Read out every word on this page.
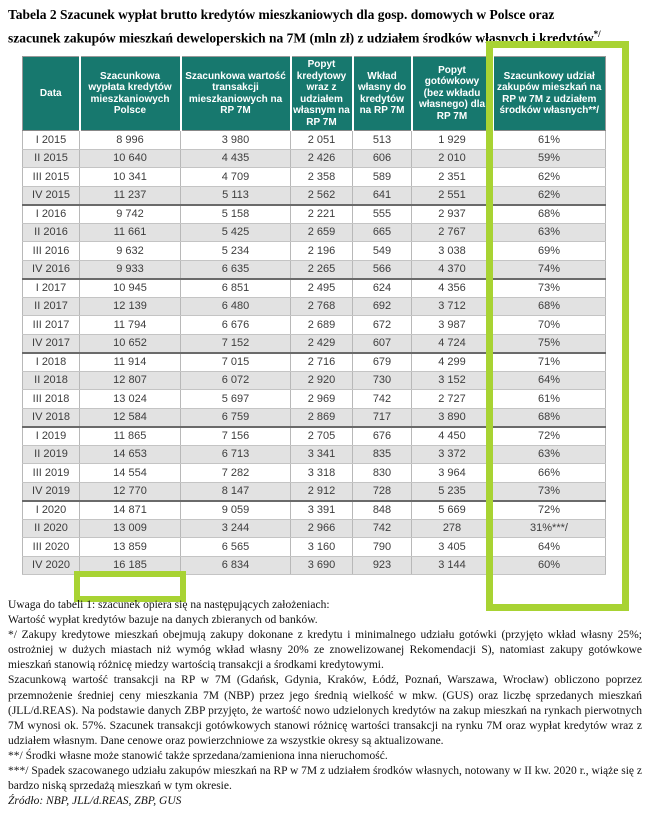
Tabela 2 Szacunek wypłat brutto kredytów mieszkaniowych dla gosp. domowych w Polsce oraz
szacunek zakupów mieszkań deweloperskich na 7M (mln zł) z udziałem środków własnych i kredytów*/
Data	Szacunkowa wypłata kredytów mieszkaniowych Polsce	Szacunkowa wartość transakcji mieszkaniowych na RP 7M	Popyt kredytowy wraz z udziałem własnym na RP 7M	Wkład własny do kredytów na RP 7M	Popyt gotówkowy (bez wkładu własnego) dla RP 7M	Szacunkowy udział zakupów mieszkań na RP w 7M z udziałem środków własnych**/
I 2015	8 996	3 980	2 051	513	1 929	61%
II 2015	10 640	4 435	2 426	606	2 010	59%
III 2015	10 341	4 709	2 358	589	2 351	62%
IV 2015	11 237	5 113	2 562	641	2 551	62%
I 2016	9 742	5 158	2 221	555	2 937	68%
II 2016	11 661	5 425	2 659	665	2 767	63%
III 2016	9 632	5 234	2 196	549	3 038	69%
IV 2016	9 933	6 635	2 265	566	4 370	74%
I 2017	10 945	6 851	2 495	624	4 356	73%
II 2017	12 139	6 480	2 768	692	3 712	68%
III 2017	11 794	6 676	2 689	672	3 987	70%
IV 2017	10 652	7 152	2 429	607	4 724	75%
I 2018	11 914	7 015	2 716	679	4 299	71%
II 2018	12 807	6 072	2 920	730	3 152	64%
III 2018	13 024	5 697	2 969	742	2 727	61%
IV 2018	12 584	6 759	2 869	717	3 890	68%
I 2019	11 865	7 156	2 705	676	4 450	72%
II 2019	14 653	6 713	3 341	835	3 372	63%
III 2019	14 554	7 282	3 318	830	3 964	66%
IV 2019	12 770	8 147	2 912	728	5 235	73%
I 2020	14 871	9 059	3 391	848	5 669	72%
II 2020	13 009	3 244	2 966	742	278	31%***/
III 2020	13 859	6 565	3 160	790	3 405	64%
IV 2020	16 185	6 834	3 690	923	3 144	60%

Uwaga do tabeli 1: szacunek opiera się na następujących założeniach:

Wartość wypłat kredytów bazuje na danych zbieranych od banków.

*/ Zakupy kredytowe mieszkań obejmują zakupy dokonane z kredytu i minimalnego udziału gotówki (przyjęto wkład własny 25%; ostrożniej w dużych miastach niż wymóg wkład własny 20% ze znowelizowanej Rekomendacji S), natomiast zakupy gotówkowe mieszkań stanowią różnicę miedzy wartością transakcji a środkami kredytowymi.

Szacunkową wartość transakcji na RP w 7M (Gdańsk, Gdynia, Kraków, Łódź, Poznań, Warszawa, Wrocław) obliczono poprzez przemnożenie średniej ceny mieszkania 7M (NBP) przez jego średnią wielkość w mkw. (GUS) oraz liczbę sprzedanych mieszkań (JLL/d.REAS). Na podstawie danych ZBP przyjęto, że wartość nowo udzielonych kredytów na zakup mieszkań na rynkach pierwotnych 7M wynosi ok. 57%. Szacunek transakcji gotówkowych stanowi różnicę wartości transakcji na rynku 7M oraz wypłat kredytów wraz z udziałem własnym. Dane cenowe oraz powierzchniowe za wszystkie okresy są aktualizowane.

**/ Środki własne może stanowić także sprzedana/zamieniona inna nieruchomość.

***/ Spadek szacowanego udziału zakupów mieszkań na RP w 7M z udziałem środków własnych, notowany w II kw. 2020 r., wiąże się z bardzo niską sprzedażą mieszkań w tym okresie.

Źródło: NBP, JLL/d.REAS, ZBP, GUS
